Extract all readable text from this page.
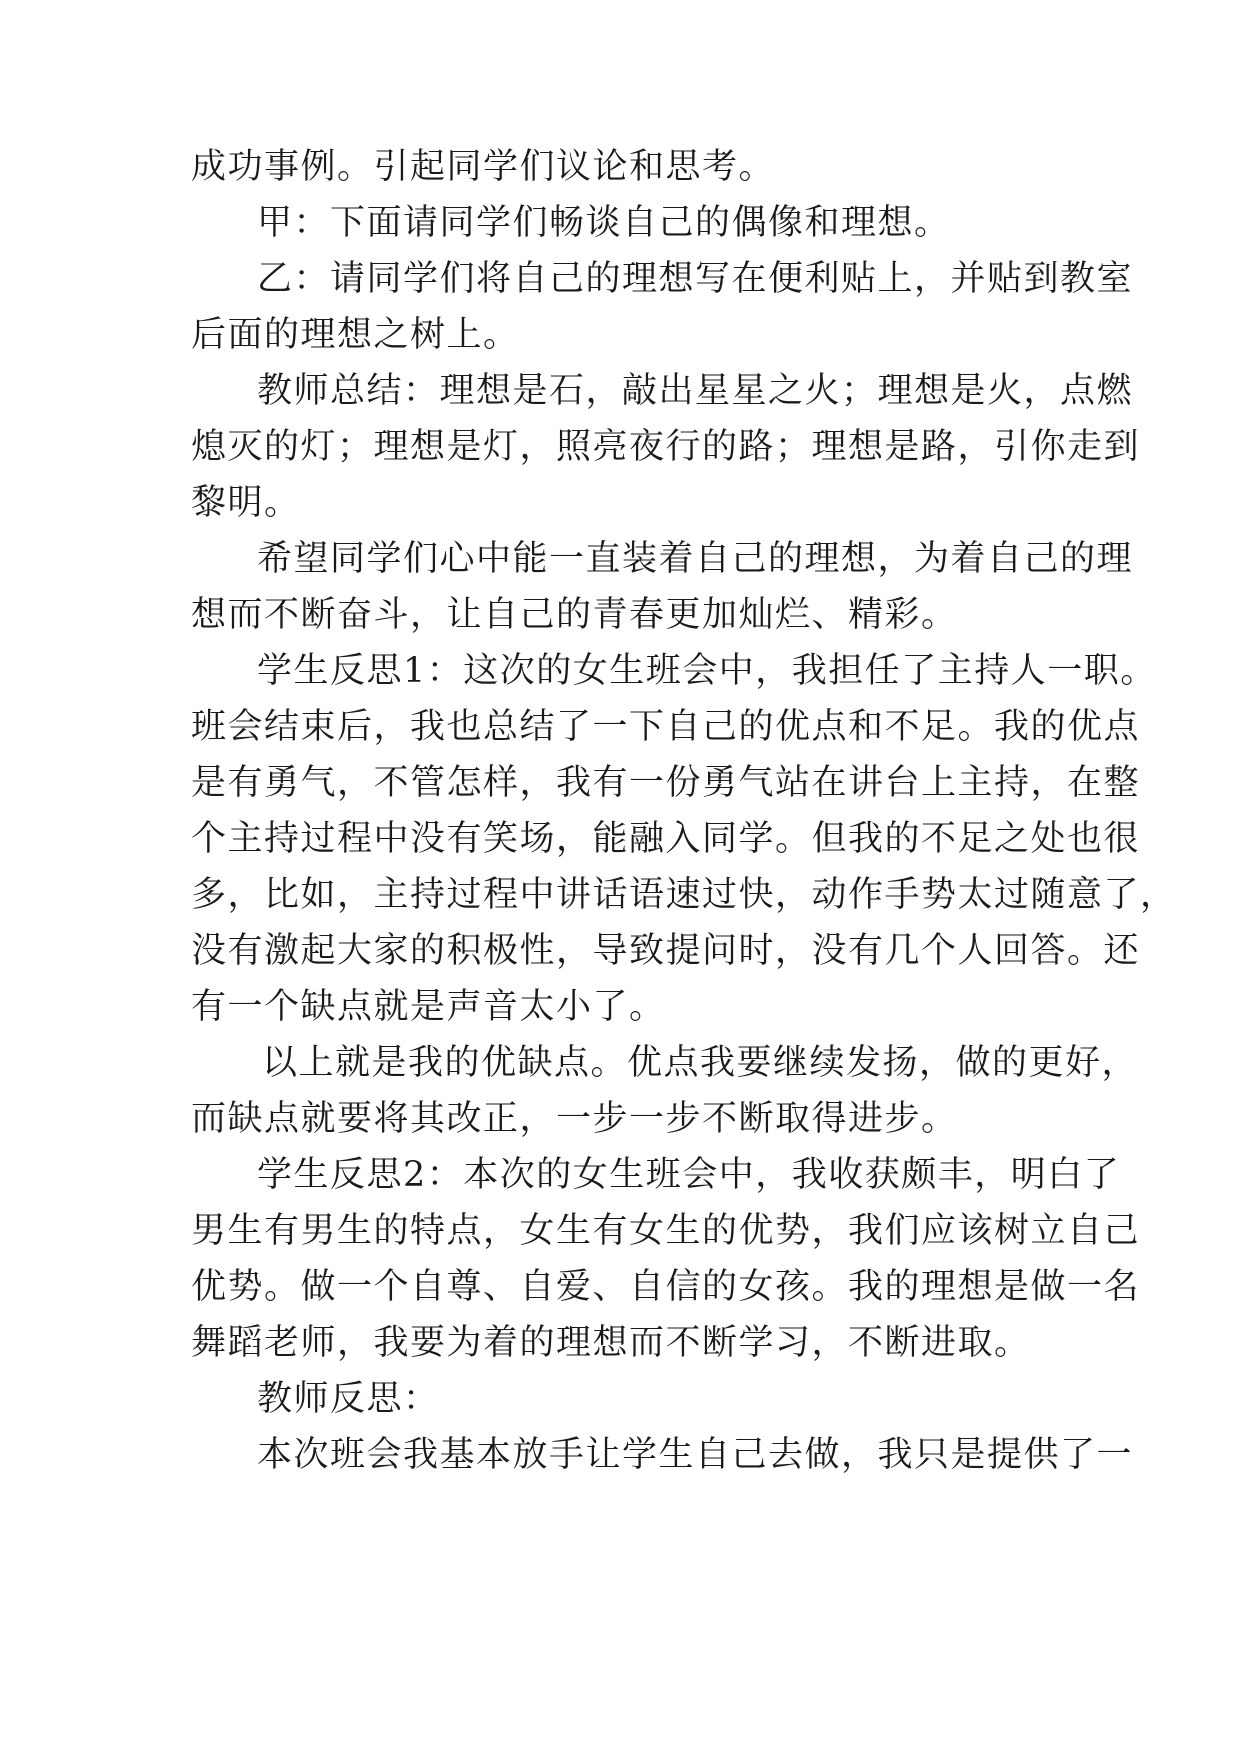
成功事例。引起同学们议论和思考。
甲：下面请同学们畅谈自己的偶像和理想。
乙：请同学们将自己的理想写在便利贴上，并贴到教室
后面的理想之树上。
教师总结：理想是石，敲出星星之火；理想是火，点燃
熄灭的灯；理想是灯，照亮夜行的路；理想是路，引你走到
黎明。
希望同学们心中能一直装着自己的理想，为着自己的理
想而不断奋斗，让自己的青春更加灿烂、精彩。
学生反思1：这次的女生班会中，我担任了主持人一职。
班会结束后，我也总结了一下自己的优点和不足。我的优点
是有勇气，不管怎样，我有一份勇气站在讲台上主持，在整
个主持过程中没有笑场，能融入同学。但我的不足之处也很
多，比如，主持过程中讲话语速过快，动作手势太过随意了，
没有激起大家的积极性，导致提问时，没有几个人回答。还
有一个缺点就是声音太小了。
以上就是我的优缺点。优点我要继续发扬，做的更好，
而缺点就要将其改正，一步一步不断取得进步。
学生反思2：本次的女生班会中，我收获颇丰，明白了
男生有男生的特点，女生有女生的优势，我们应该树立自己
优势。做一个自尊、自爱、自信的女孩。我的理想是做一名
舞蹈老师，我要为着的理想而不断学习，不断进取。
教师反思：
本次班会我基本放手让学生自己去做，我只是提供了一
